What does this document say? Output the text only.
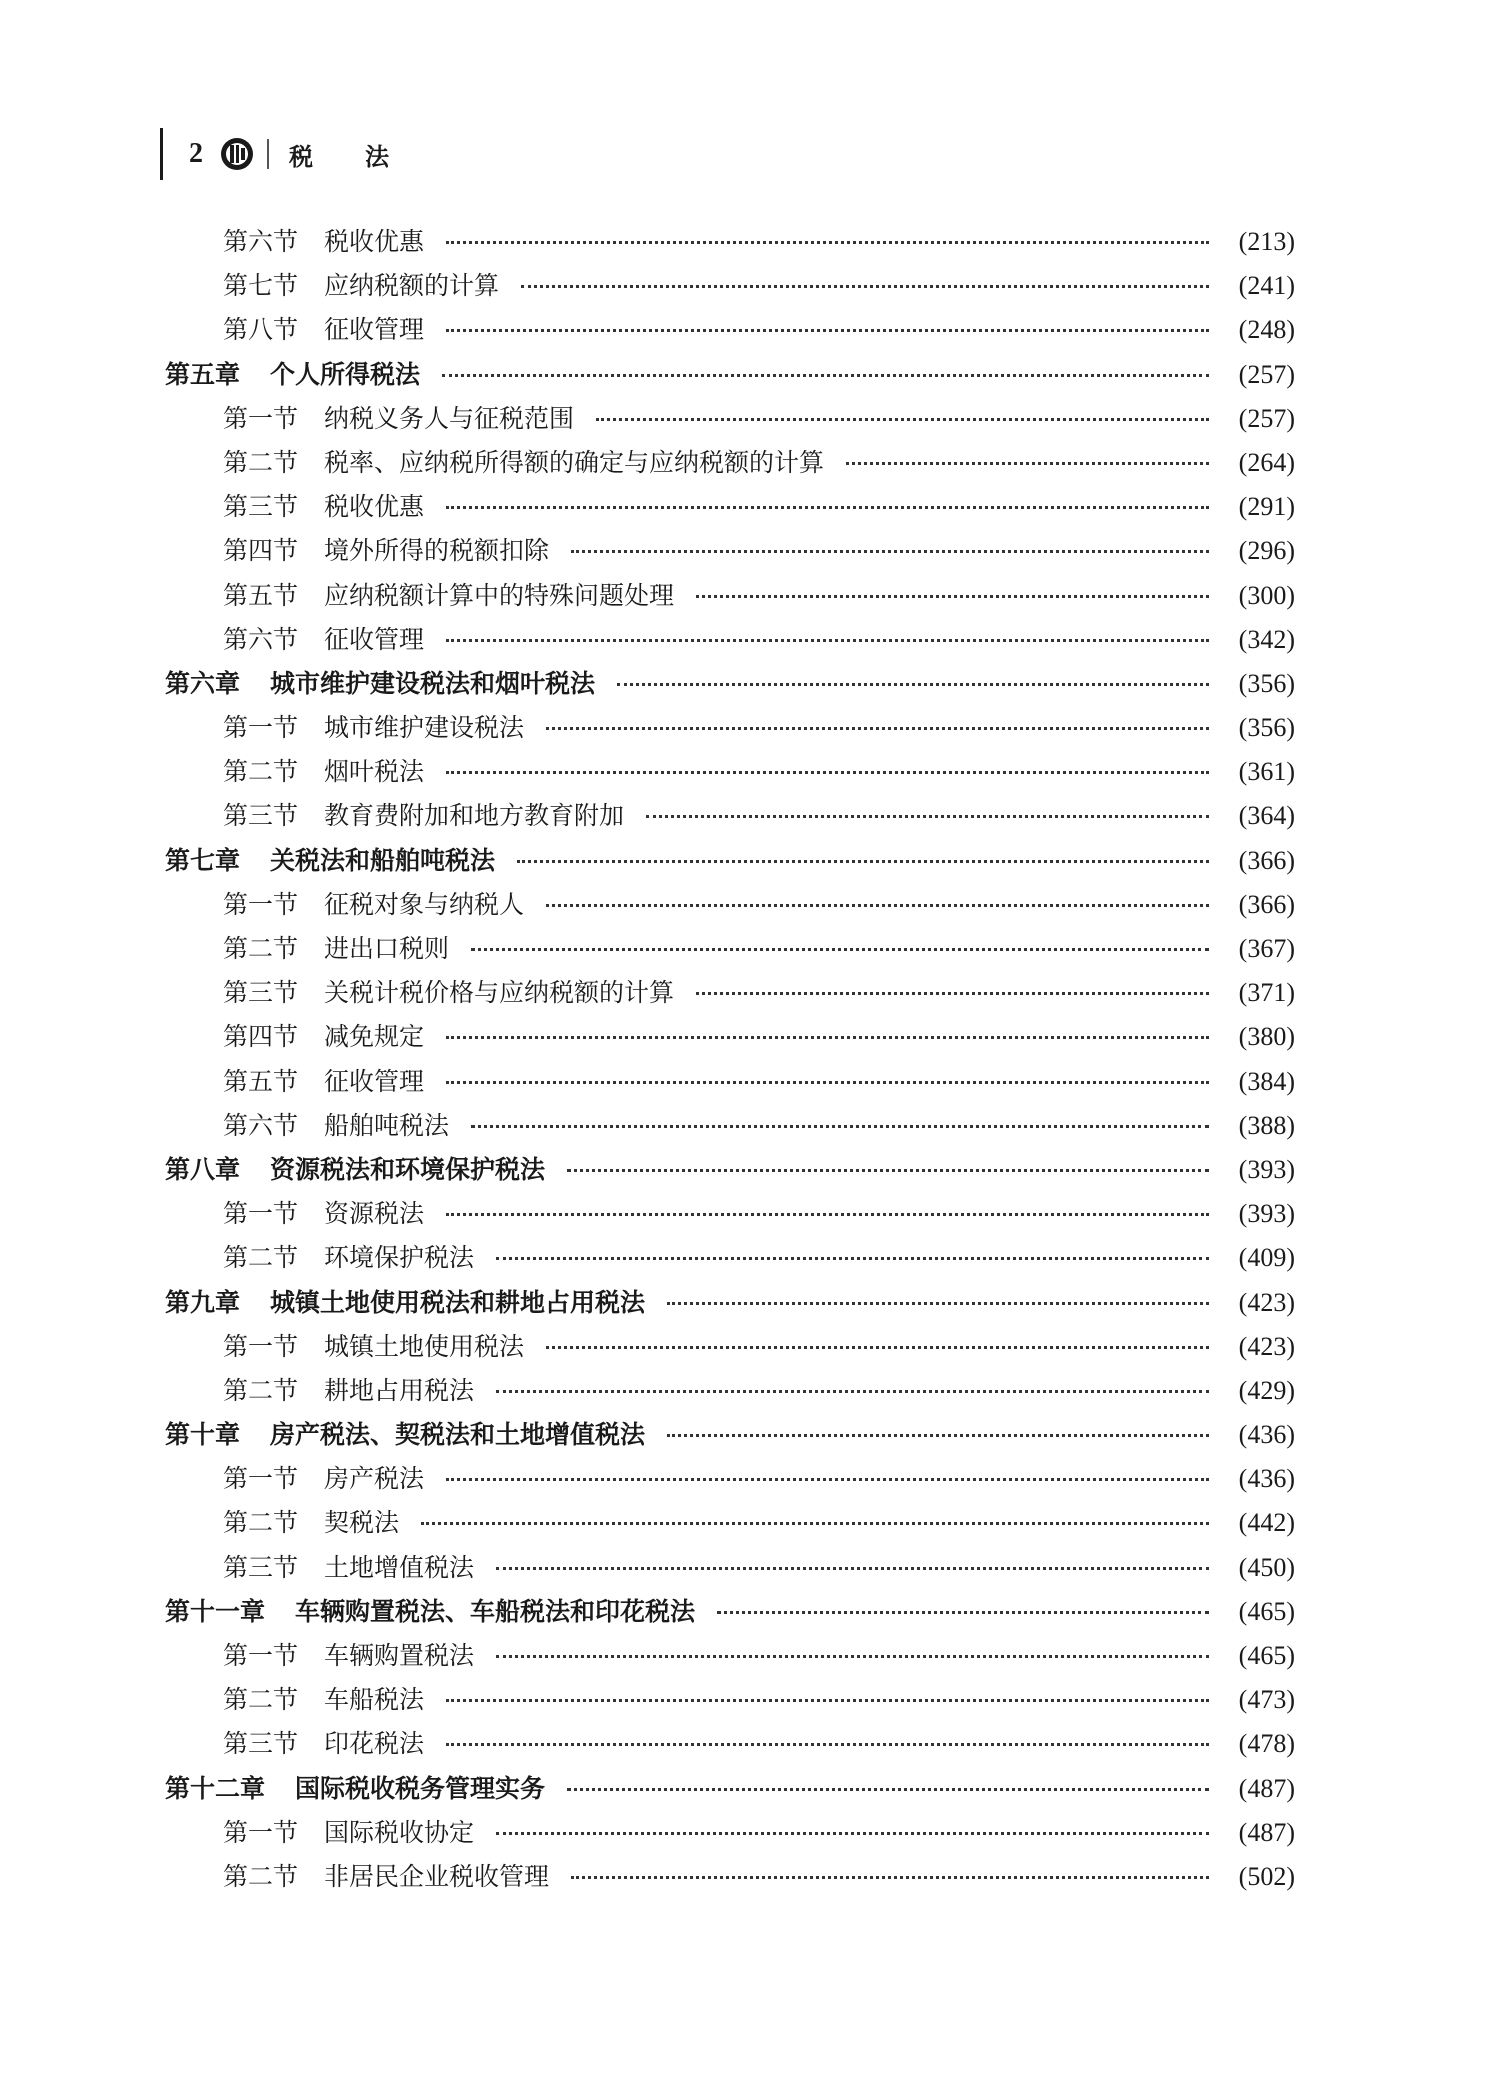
2	税法
第六节 税收优惠	(213)
第七节 应纳税额的计算	(241)
第八节 征收管理	(248)
第五章 个人所得税法	(257)
第一节 纳税义务人与征税范围	(257)
第二节 税率、应纳税所得额的确定与应纳税额的计算	(264)
第三节 税收优惠	(291)
第四节 境外所得的税额扣除	(296)
第五节 应纳税额计算中的特殊问题处理	(300)
第六节 征收管理	(342)
第六章 城市维护建设税法和烟叶税法	(356)
第一节 城市维护建设税法	(356)
第二节 烟叶税法	(361)
第三节 教育费附加和地方教育附加	(364)
第七章 关税法和船舶吨税法	(366)
第一节 征税对象与纳税人	(366)
第二节 进出口税则	(367)
第三节 关税计税价格与应纳税额的计算	(371)
第四节 减免规定	(380)
第五节 征收管理	(384)
第六节 船舶吨税法	(388)
第八章 资源税法和环境保护税法	(393)
第一节 资源税法	(393)
第二节 环境保护税法	(409)
第九章 城镇土地使用税法和耕地占用税法	(423)
第一节 城镇土地使用税法	(423)
第二节 耕地占用税法	(429)
第十章 房产税法、契税法和土地增值税法	(436)
第一节 房产税法	(436)
第二节 契税法	(442)
第三节 土地增值税法	(450)
第十一章 车辆购置税法、车船税法和印花税法	(465)
第一节 车辆购置税法	(465)
第二节 车船税法	(473)
第三节 印花税法	(478)
第十二章 国际税收税务管理实务	(487)
第一节 国际税收协定	(487)
第二节 非居民企业税收管理	(502)
